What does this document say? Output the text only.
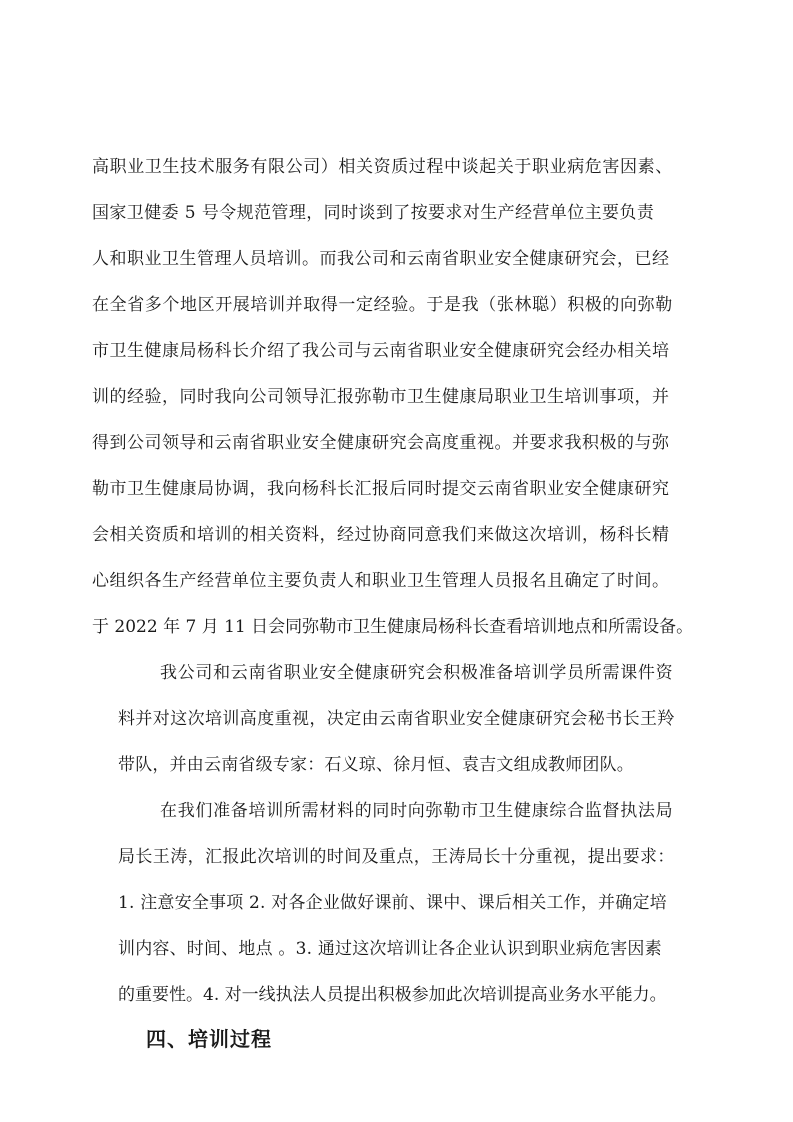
高职业卫生技术服务有限公司）相关资质过程中谈起关于职业病危害因素、
国家卫健委 5 号令规范管理，同时谈到了按要求对生产经营单位主要负责
人和职业卫生管理人员培训。而我公司和云南省职业安全健康研究会，已经
在全省多个地区开展培训并取得一定经验。于是我（张林聪）积极的向弥勒
市卫生健康局杨科长介绍了我公司与云南省职业安全健康研究会经办相关培
训的经验，同时我向公司领导汇报弥勒市卫生健康局职业卫生培训事项，并
得到公司领导和云南省职业安全健康研究会高度重视。并要求我积极的与弥
勒市卫生健康局协调，我向杨科长汇报后同时提交云南省职业安全健康研究
会相关资质和培训的相关资料，经过协商同意我们来做这次培训，杨科长精
心组织各生产经营单位主要负责人和职业卫生管理人员报名且确定了时间。
于 2022 年 7 月 11 日会同弥勒市卫生健康局杨科长查看培训地点和所需设备。
我公司和云南省职业安全健康研究会积极准备培训学员所需课件资
料并对这次培训高度重视，决定由云南省职业安全健康研究会秘书长王羚
带队，并由云南省级专家：石义琼、徐月恒、袁吉文组成教师团队。
在我们准备培训所需材料的同时向弥勒市卫生健康综合监督执法局
局长王涛，汇报此次培训的时间及重点，王涛局长十分重视，提出要求：
1. 注意安全事项 2. 对各企业做好课前、课中、课后相关工作，并确定培
训内容、时间、地点 。3. 通过这次培训让各企业认识到职业病危害因素
的重要性。4. 对一线执法人员提出积极参加此次培训提高业务水平能力。
四、培训过程
